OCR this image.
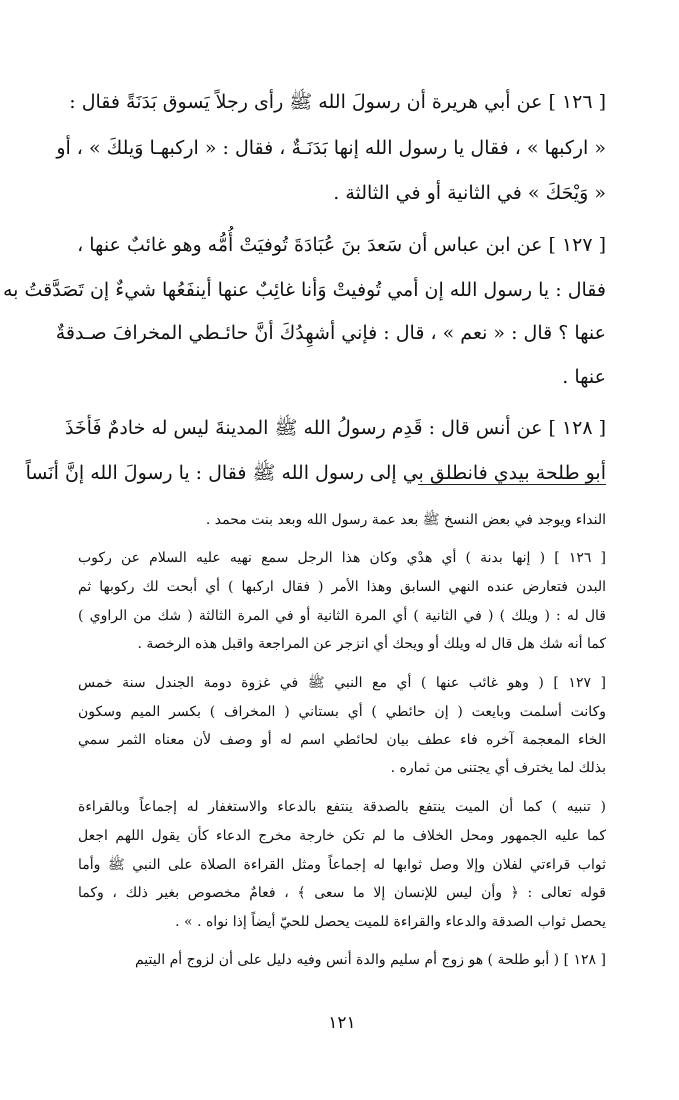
[ ١٢٦ ] عن أبي هريرة أن رسولَ الله ﷺ رأى رجلاً يَسوق بَدَنَةً فقال :
« اركبها » ، فقال يا رسول الله إنها بَدَنَـةٌ ، فقال : « اركبهـا وَيلكَ » ، أو
« وَيْحَكَ » في الثانية أو في الثالثة .
[ ١٢٧ ] عن ابن عباس أن سَعدَ بنَ عُبَادَةَ تُوفيَتْ أُمُّه وهو غائبٌ عنها ،
فقال : يا رسول الله إن أمي تُوفيتْ وَأنا غائِبٌ عنها أينفَعُها شيءٌ إن تَصَدَّقتُ به
عنها ؟ قال : « نعم » ، قال : فإني أشهِدُكَ أنَّ حائـطي المخرافَ صـدقةٌ
عنها .
[ ١٢٨ ] عن أنس قال : قَدِم رسولُ الله ﷺ المدينةَ ليس له خادمٌ فَأخَذَ
أبو طلحة بيدي فانطلق بي إلى رسول الله ﷺ فقال : يا رسولَ الله إنَّ أنَساً
النداء ويوجد في بعض النسخ ﷺ بعد عمة رسول الله وبعد بنت محمد .
[ ١٢٦ ] ( إنها بدنة ) أي هدْي وكان هذا الرجل سمع نهيه عليه السلام عن ركوب
البدن فتعارض عنده النهي السابق وهذا الأمر ( فقال اركبها ) أي أبحت لك ركوبها ثم
قال له : ( ويلك ) ( في الثانية ) أي المرة الثانية أو في المرة الثالثة ( شك من الراوي )
كما أنه شك هل قال له ويلك أو ويحك أي انزجر عن المراجعة واقبل هذه الرخصة .
[ ١٢٧ ] ( وهو غائب عنها ) أي مع النبي ﷺ في غزوة دومة الجندل سنة خمس
وكانت أسلمت وبايعت ( إن حائطي ) أي بستاني ( المخراف ) بكسر الميم وسكون
الخاء المعجمة آخره فاء عطف بيان لحائطي اسم له أو وصف لأن معناه الثمر سمي
بذلك لما يخترف أي يجتنى من ثماره .
( تنبيه ) كما أن الميت ينتفع بالصدقة ينتفع بالدعاء والاستغفار له إجماعاً وبالقراءة
كما عليه الجمهور ومحل الخلاف ما لم تكن خارجة مخرج الدعاء كأن يقول اللهم اجعل
ثواب قراءتي لفلان وإلا وصل ثوابها له إجماعاً ومثل القراءة الصلاة على النبي ﷺ وأما
قوله تعالى : ﴿ وأن ليس للإنسان إلا ما سعى ﴾ ، فعامٌ مخصوص بغير ذلك ، وكما
يحصل ثواب الصدقة والدعاء والقراءة للميت يحصل للحيّ أيضاً إذا نواه . » .
[ ١٢٨ ] ( أبو طلحة ) هو زوج أم سليم والدة أنس وفيه دليل على أن لزوج أم اليتيم
١٢١
